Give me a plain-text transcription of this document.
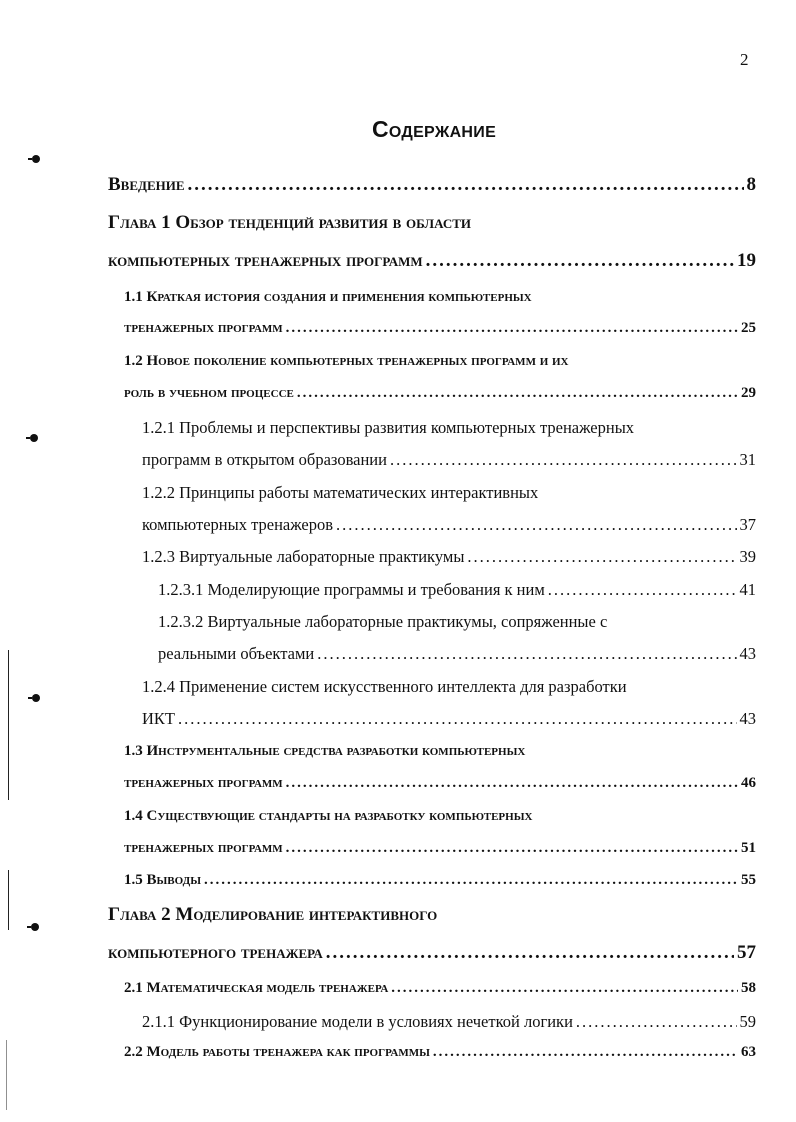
2
Содержание
Введение .....	8
Глава 1 Обзор тенденций развития в области
компьютерных тренажерных программ .....	19
1.1 Краткая история создания и применения компьютерных
тренажерных программ .....	25
1.2 Новое поколение компьютерных тренажерных программ и их
роль в учебном процессе .....	29
1.2.1 Проблемы и перспективы развития компьютерных тренажерных
программ в открытом образовании .....	31
1.2.2 Принципы работы математических интерактивных
компьютерных тренажеров .....	37
1.2.3 Виртуальные лабораторные практикумы .....	39
1.2.3.1 Моделирующие программы и требования к ним .....	41
1.2.3.2 Виртуальные лабораторные практикумы, сопряженные с
реальными объектами .....	43
1.2.4 Применение систем искусственного интеллекта для разработки
ИКТ .....	43
1.3 Инструментальные средства разработки компьютерных
тренажерных программ .....	46
1.4 Существующие стандарты на разработку компьютерных
тренажерных программ .....	51
1.5 Выводы .....	55
Глава 2 Моделирование интерактивного
компьютерного тренажера .....	57
2.1 Математическая модель тренажера .....	58
2.1.1 Функционирование модели в условиях нечеткой логики .....	59
2.2 Модель работы тренажера как программы .....	63
